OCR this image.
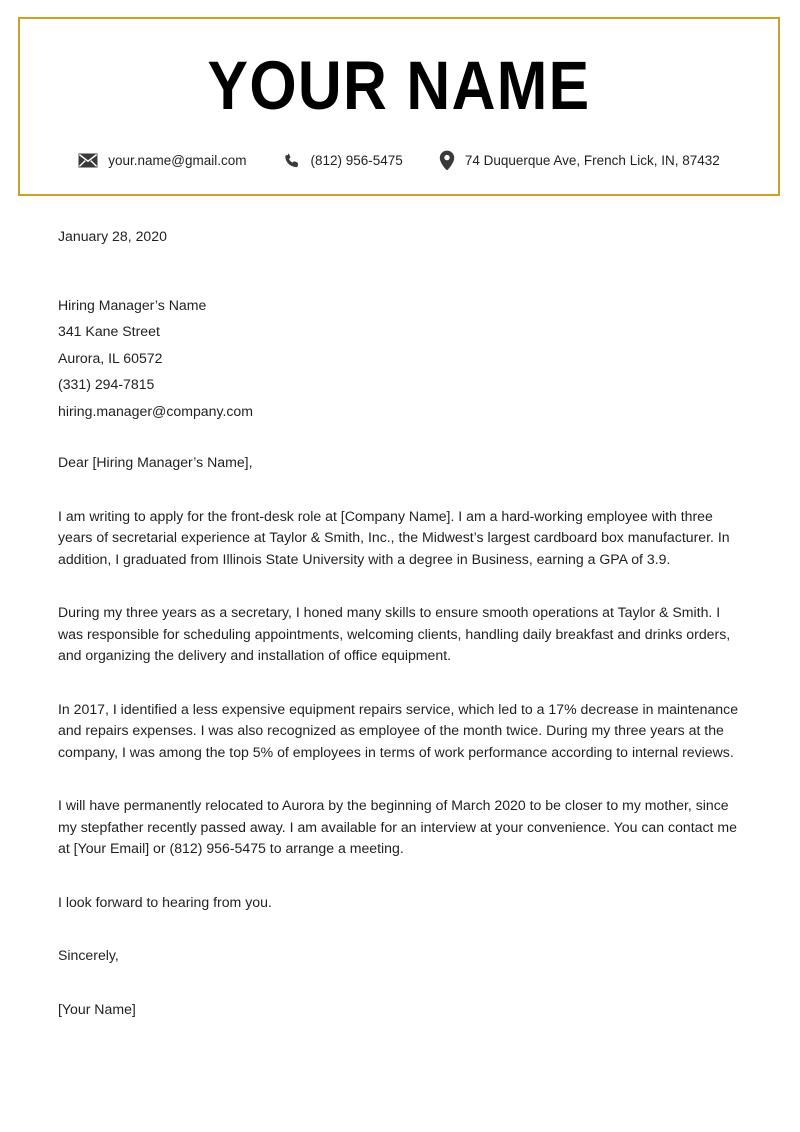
YOUR NAME
your.name@gmail.com	(812) 956-5475	74 Duquerque Ave, French Lick, IN, 87432
January 28, 2020
Hiring Manager’s Name
341 Kane Street
Aurora, IL 60572
(331) 294-7815
hiring.manager@company.com
Dear [Hiring Manager’s Name],
I am writing to apply for the front-desk role at [Company Name]. I am a hard-working employee with three years of secretarial experience at Taylor & Smith, Inc., the Midwest’s largest cardboard box manufacturer. In addition, I graduated from Illinois State University with a degree in Business, earning a GPA of 3.9.
During my three years as a secretary, I honed many skills to ensure smooth operations at Taylor & Smith. I was responsible for scheduling appointments, welcoming clients, handling daily breakfast and drinks orders, and organizing the delivery and installation of office equipment.
In 2017, I identified a less expensive equipment repairs service, which led to a 17% decrease in maintenance and repairs expenses. I was also recognized as employee of the month twice. During my three years at the company, I was among the top 5% of employees in terms of work performance according to internal reviews.
I will have permanently relocated to Aurora by the beginning of March 2020 to be closer to my mother, since my stepfather recently passed away. I am available for an interview at your convenience. You can contact me at [Your Email] or (812) 956-5475 to arrange a meeting.
I look forward to hearing from you.
Sincerely,
[Your Name]
